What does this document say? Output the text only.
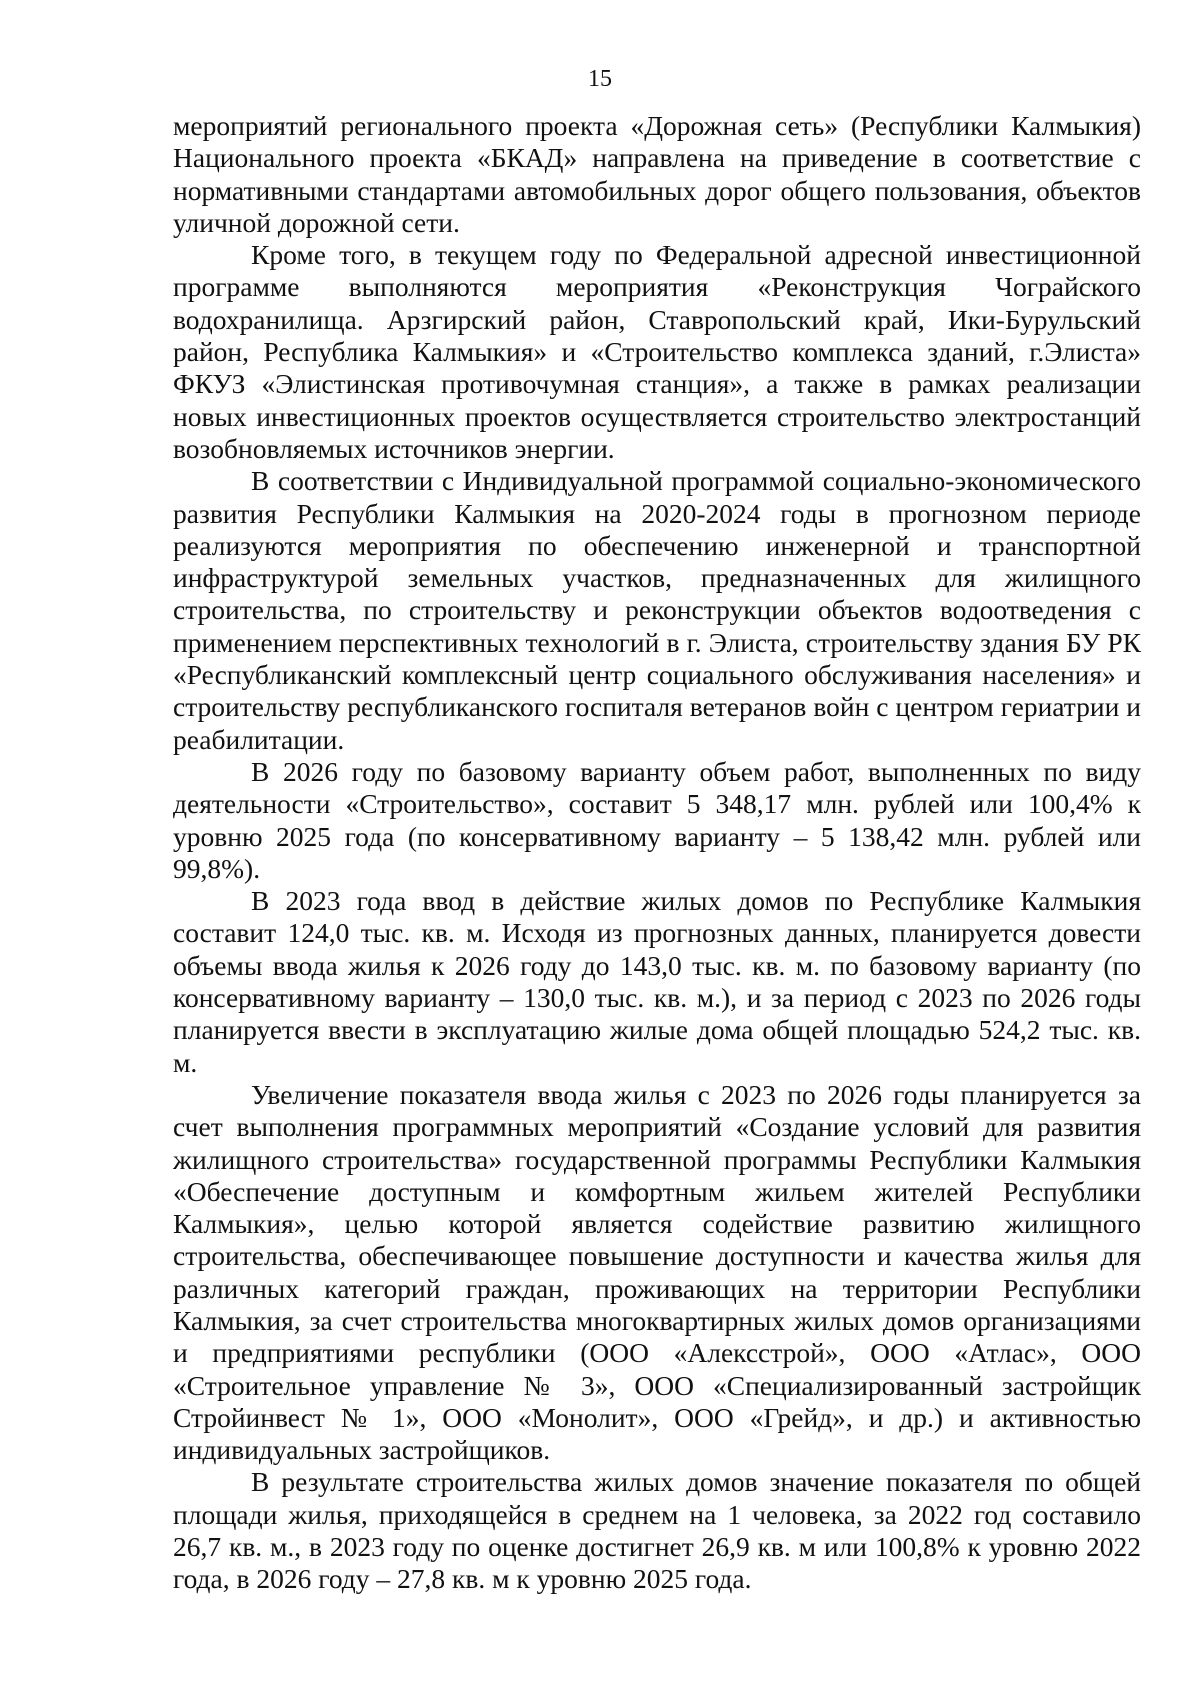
15

мероприятий регионального проекта «Дорожная сеть» (Республики Калмыкия) Национального проекта «БКАД» направлена на приведение в соответствие с нормативными стандартами автомобильных дорог общего пользования, объектов уличной дорожной сети.

Кроме того, в текущем году по Федеральной адресной инвестиционной программе выполняются мероприятия «Реконструкция Чограйского водохранилища. Арзгирский район, Ставропольский край, Ики-Бурульский район, Республика Калмыкия» и «Строительство комплекса зданий, г.Элиста» ФКУЗ «Элистинская противочумная станция», а также в рамках реализации новых инвестиционных проектов осуществляется строительство электростанций возобновляемых источников энергии.

В соответствии с Индивидуальной программой социально-экономического развития Республики Калмыкия на 2020-2024 годы в прогнозном периоде реализуются мероприятия по обеспечению инженерной и транспортной инфраструктурой земельных участков, предназначенных для жилищного строительства, по строительству и реконструкции объектов водоотведения с применением перспективных технологий в г. Элиста, строительству здания БУ РК «Республиканский комплексный центр социального обслуживания населения» и строительству республиканского госпиталя ветеранов войн с центром гериатрии и реабилитации.

В 2026 году по базовому варианту объем работ, выполненных по виду деятельности «Строительство», составит 5 348,17 млн. рублей или 100,4% к уровню 2025 года (по консервативному варианту – 5 138,42 млн. рублей или 99,8%).

В 2023 года ввод в действие жилых домов по Республике Калмыкия составит 124,0 тыс. кв. м. Исходя из прогнозных данных, планируется довести объемы ввода жилья к 2026 году до 143,0 тыс. кв. м. по базовому варианту (по консервативному варианту – 130,0 тыс. кв. м.), и за период с 2023 по 2026 годы планируется ввести в эксплуатацию жилые дома общей площадью 524,2 тыс. кв. м.

Увеличение показателя ввода жилья с 2023 по 2026 годы планируется за счет выполнения программных мероприятий «Создание условий для развития жилищного строительства» государственной программы Республики Калмыкия «Обеспечение доступным и комфортным жильем жителей Республики Калмыкия», целью которой является содействие развитию жилищного строительства, обеспечивающее повышение доступности и качества жилья для различных категорий граждан, проживающих на территории Республики Калмыкия, за счет строительства многоквартирных жилых домов организациями и предприятиями республики (ООО «Алексстрой», ООО «Атлас», ООО «Строительное управление № 3», ООО «Специализированный застройщик Стройинвест № 1», ООО «Монолит», ООО «Грейд», и др.) и активностью индивидуальных застройщиков.

В результате строительства жилых домов значение показателя по общей площади жилья, приходящейся в среднем на 1 человека, за 2022 год составило 26,7 кв. м., в 2023 году по оценке достигнет 26,9 кв. м или 100,8% к уровню 2022 года, в 2026 году – 27,8 кв. м к уровню 2025 года.
